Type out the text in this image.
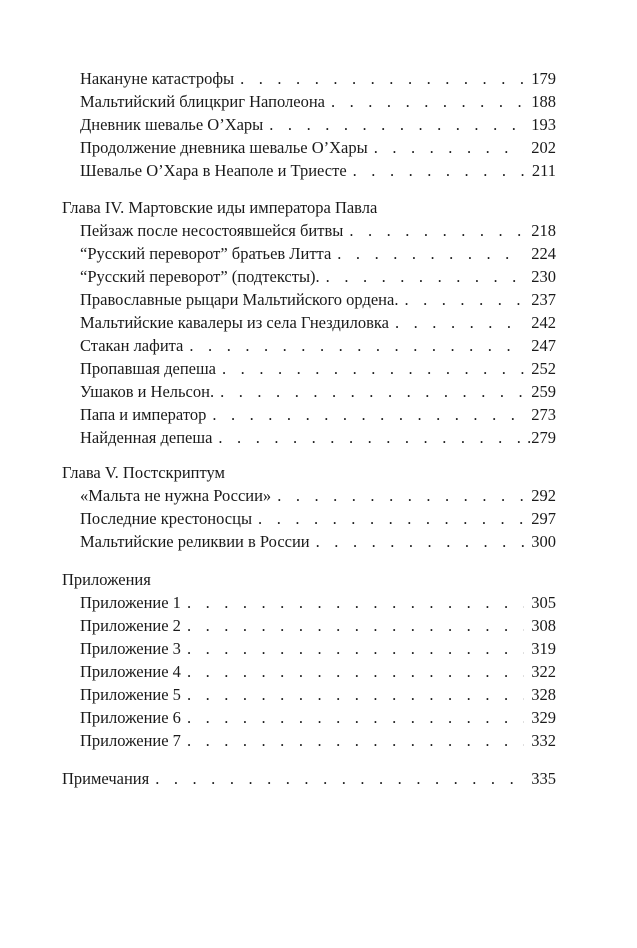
Накануне катастрофы . . .	179
Мальтийский блицкриг Наполеона . . .	188
Дневник шевалье О’Хары . . .	193
Продолжение дневника шевалье О’Хары . . .	202
Шевалье О’Хара в Неаполе и Триесте . . .	211
Глава IV. Мартовские иды императора Павла
Пейзаж после несостоявшейся битвы . . .	218
“Русский переворот” братьев Литта . . .	224
“Русский переворот” (подтексты). . . .	230
Православные рыцари Мальтийского ордена. . . .	237
Мальтийские кавалеры из села Гнездиловка . . .	242
Стакан лафита . . .	247
Пропавшая депеша . . .	252
Ушаков и Нельсон. . . .	259
Папа и император . . .	273
Найденная депеша . . .	.279
Глава V. Постскриптум
«Мальта не нужна России» . . .	292
Последние крестоносцы . . .	297
Мальтийские реликвии в России . . .	300
Приложения
Приложение 1 . . .	305
Приложение 2 . . .	308
Приложение 3 . . .	319
Приложение 4 . . .	322
Приложение 5 . . .	328
Приложение 6 . . .	329
Приложение 7 . . .	332
Примечания . . .	335
